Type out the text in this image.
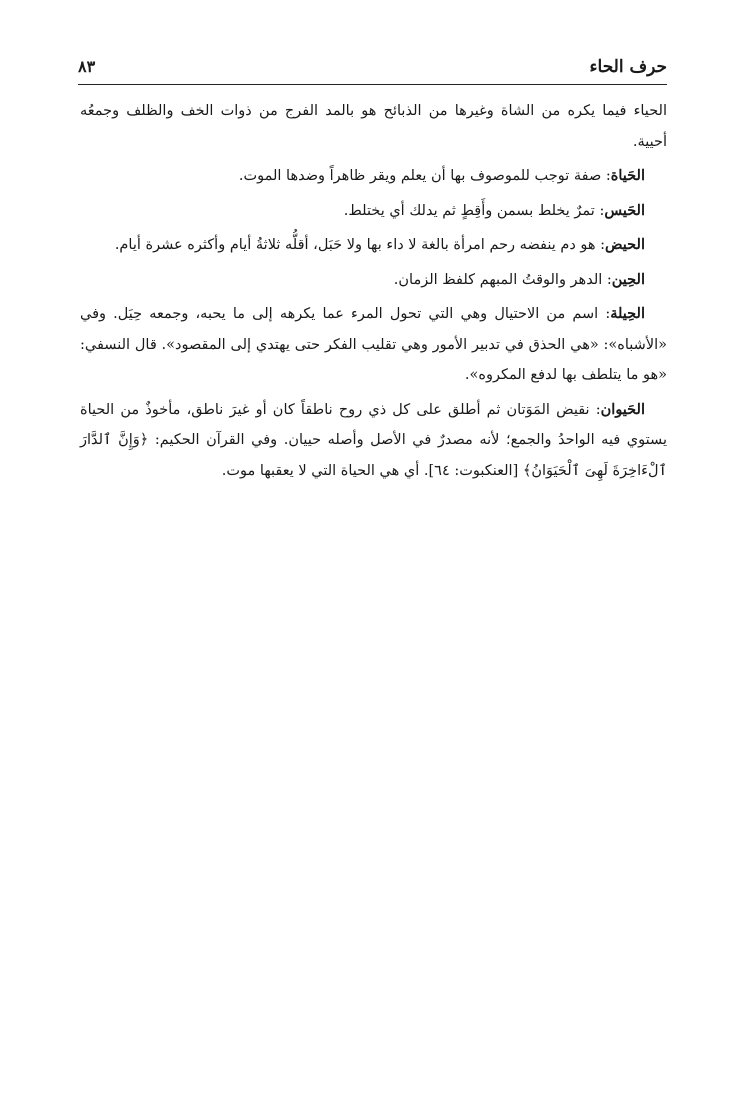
حرف الحاء
٨٣

الحياء فيما يكره من الشاة وغيرها من الذبائح هو بالمد الفرج من ذوات الخف والظلف وجمعُه أحيية.

الحَياة: صفة توجب للموصوف بها أن يعلم ويقر ظاهراً وضدها الموت.

الحَيس: تمرٌ يخلط بسمن وأَقِطٍ ثم يدلك أي يختلط.

الحيض: هو دم ينفضه رحم امرأة بالغة لا داء بها ولا حَبَل، أقلُّه ثلاثةُ أيام وأكثره عشرة أيام.

الحِين: الدهر والوقتُ المبهم كلفظ الزمان.

الحِيلة: اسم من الاحتيال وهي التي تحول المرء عما يكرهه إلى ما يحبه، وجمعه حِيَل. وفي «الأشباه»: «هي الحذق في تدبير الأمور وهي تقليب الفكر حتى يهتدي إلى المقصود». قال النسفي: «هو ما يتلطف بها لدفع المكروه».

الحَيوان: نقيض المَوَتان ثم أطلق على كل ذي روح ناطقاً كان أو غيرَ ناطق، مأخوذٌ من الحياة يستوي فيه الواحدُ والجمع؛ لأنه مصدرٌ في الأصل وأصله حييان. وفي القرآن الحكيم: ﴿وَإِنَّ ٱلدَّارَ ٱلْءَاخِرَةَ لَهِىَ ٱلْحَيَوَانُ﴾ [العنكبوت: ٦٤]. أي هي الحياة التي لا يعقبها موت.
